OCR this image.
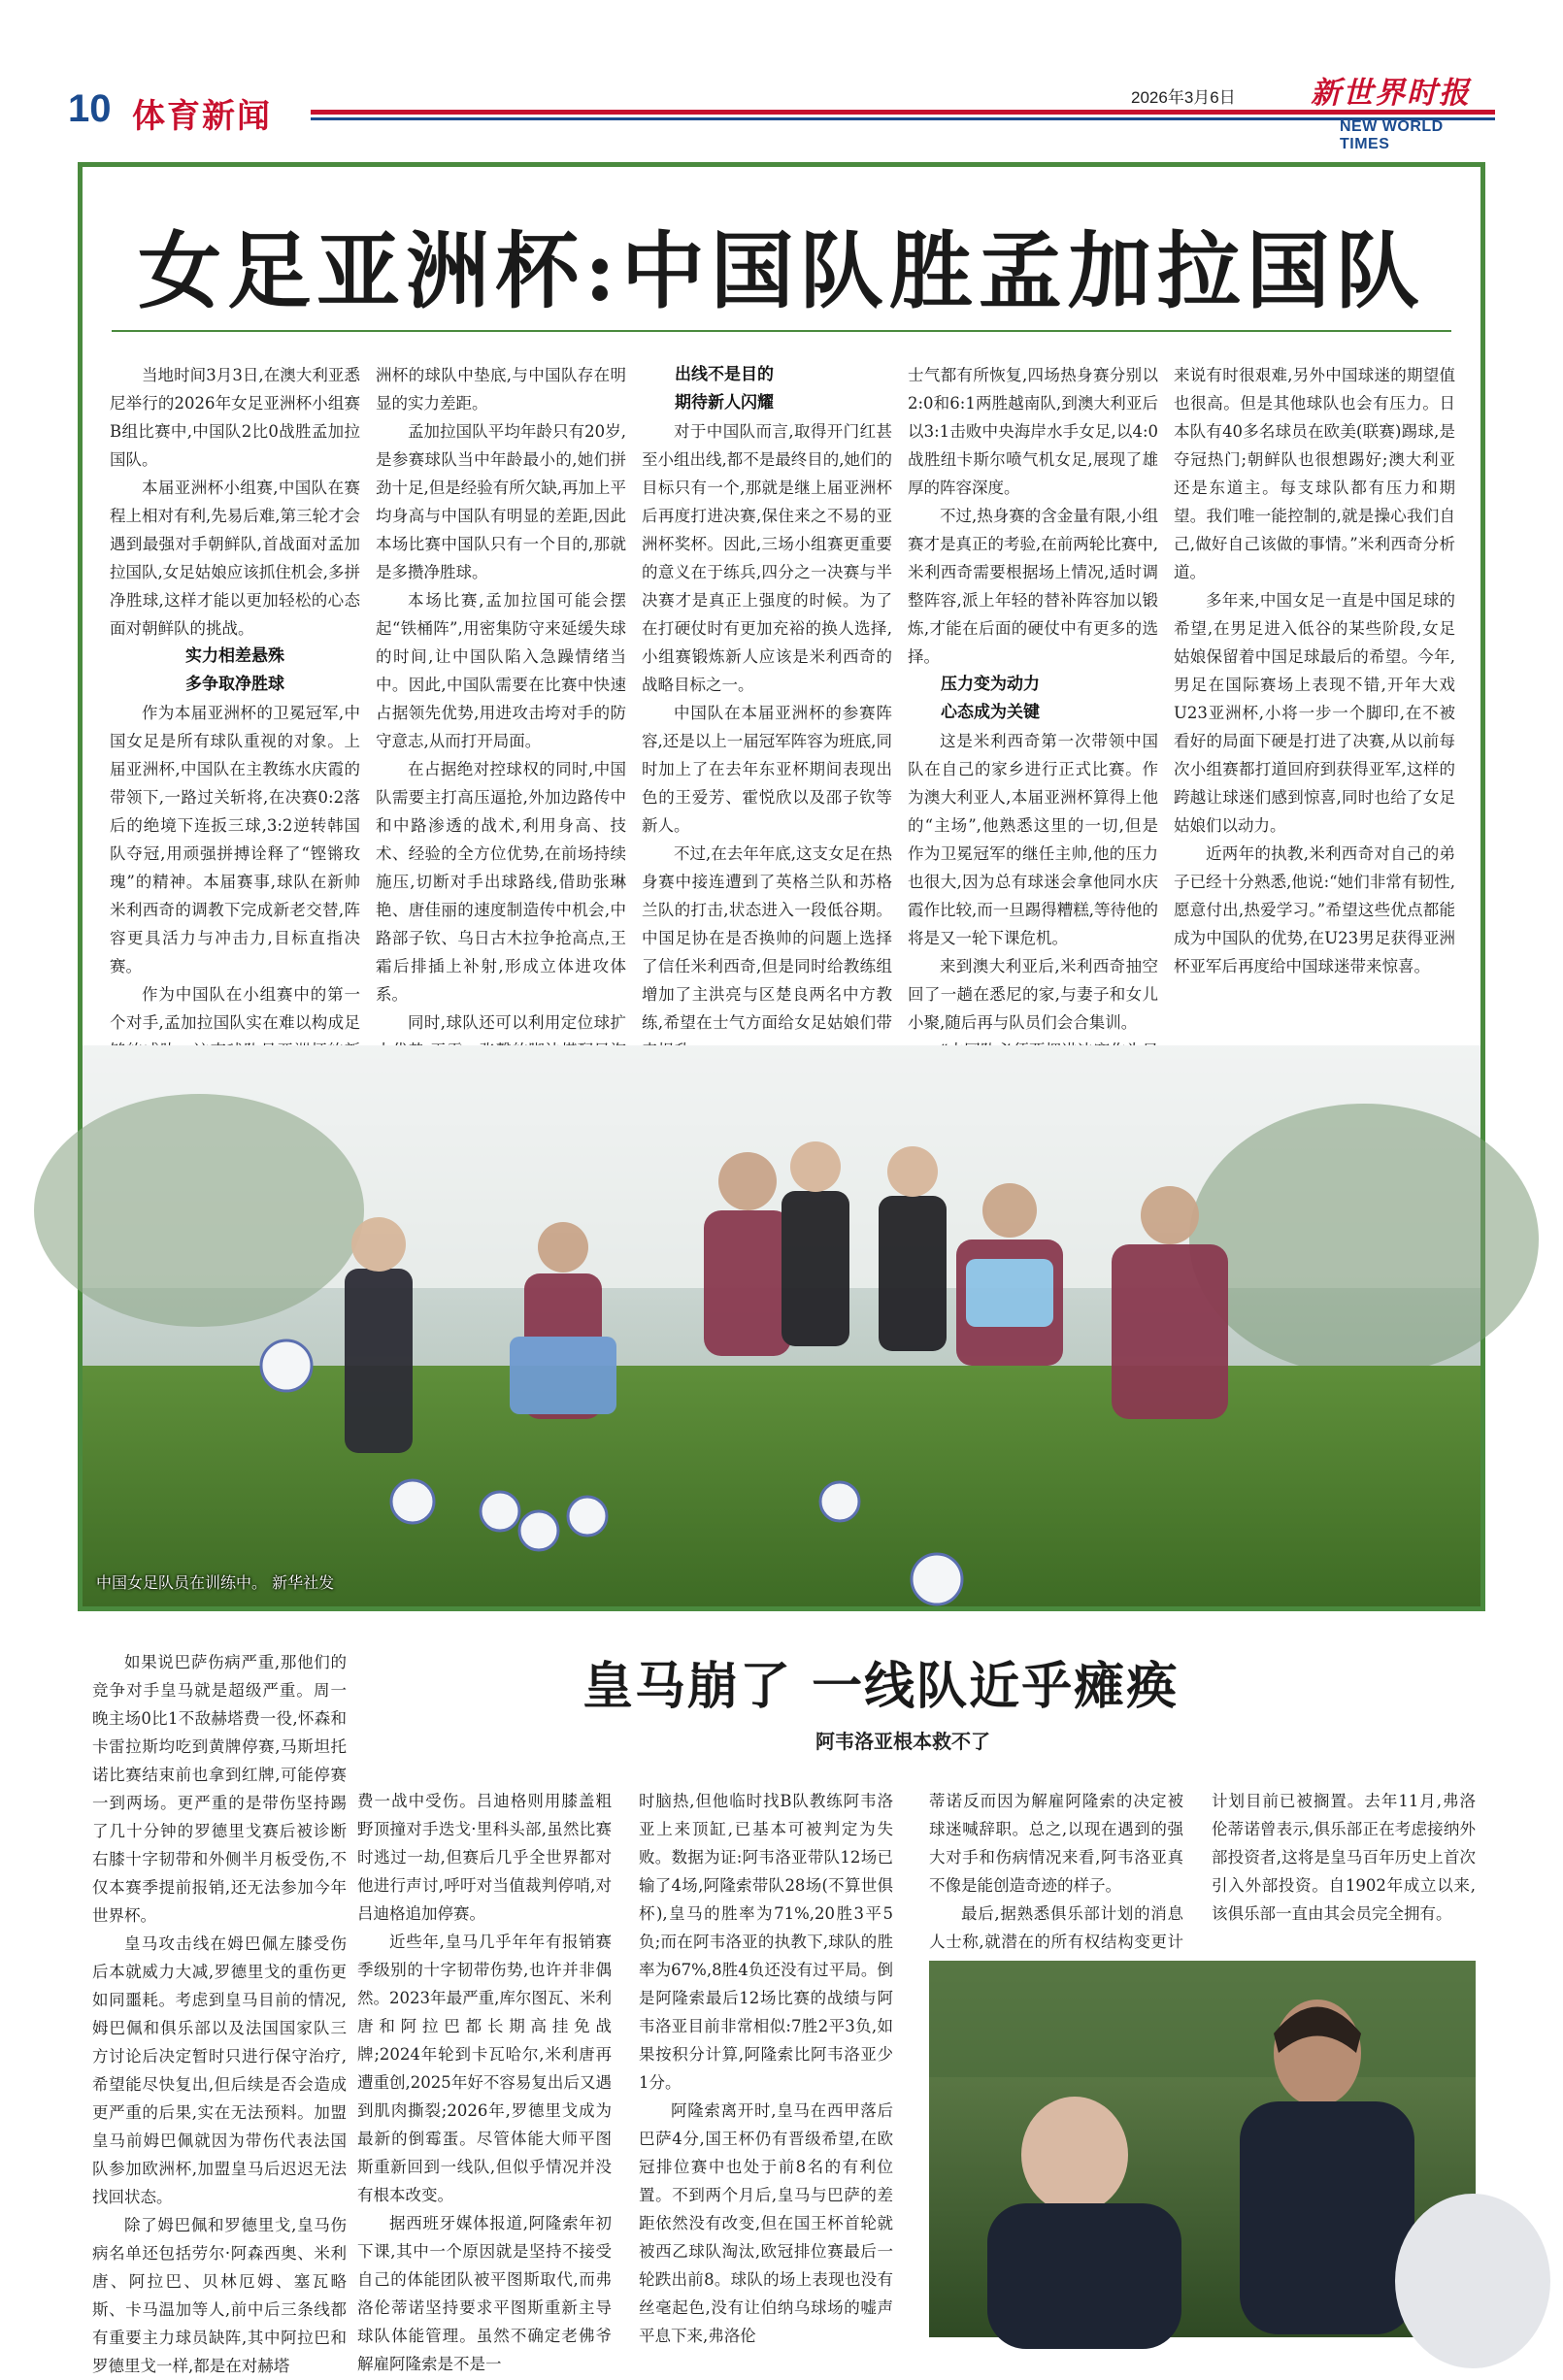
10 体育新闻	2026年3月6日 新世界时报
NEW WORLD TIMES
女足亚洲杯:中国队胜孟加拉国队

当地时间3月3日,在澳大利亚悉尼举行的2026年女足亚洲杯小组赛B组比赛中,中国队2比0战胜孟加拉国队。

本届亚洲杯小组赛,中国队在赛程上相对有利,先易后难,第三轮才会遇到最强对手朝鲜队,首战面对孟加拉国队,女足姑娘应该抓住机会,多拼净胜球,这样才能以更加轻松的心态面对朝鲜队的挑战。

实力相差悬殊
多争取净胜球

作为本届亚洲杯的卫冕冠军,中国女足是所有球队重视的对象。上届亚洲杯,中国队在主教练水庆霞的带领下,一路过关斩将,在决赛0:2落后的绝境下连扳三球,3:2逆转韩国队夺冠,用顽强拼搏诠释了“铿锵玫瑰”的精神。本届赛事,球队在新帅米利西奇的调教下完成新老交替,阵容更具活力与冲击力,目标直指决赛。

作为中国队在小组赛中的第一个对手,孟加拉国队实在难以构成足

洲杯的球队中垫底,与中国队存在明显的实力差距。

孟加拉国队平均年龄只有20岁,是参赛球队当中年龄最小的,她们拼劲十足,但是经验有所欠缺,再加上平均身高与中国队有明显的差距,因此本场比赛中国队只有一个目的,那就是多攒净胜球。

本场比赛,孟加拉国可能会摆起“铁桶阵”,用密集防守来延缓失球的时间,让中国队陷入急躁情绪当中。因此,中国队需要在比赛中快速占据领先优势,用进攻击垮对手的防守意志,从而打开局面。

在占据绝对控球权的同时,中国队需要主打高压逼抢,外加边路传中和中路渗透的战术,利用身高、技术、经验的全方位优势,在前场持续施压,切断对手出球路线,借助张琳艳、唐佳丽的速度制造传中机会,中路部子钦、乌日古木拉争抢高点,王霜后排插上补射,形成立体进攻体系。

同时,球队还可以利用定位球扩

出线不是目的
期待新人闪耀

对于中国队而言,取得开门红甚至小组出线,都不是最终目的,她们的目标只有一个,那就是继上届亚洲杯后再度打进决赛,保住来之不易的亚洲杯奖杯。因此,三场小组赛更重要的意义在于练兵,四分之一决赛与半决赛才是真正上强度的时候。为了在打硬仗时有更加充裕的换人选择,小组赛锻炼新人应该是米利西奇的战略目标之一。

中国队在本届亚洲杯的参赛阵容,还是以上一届冠军阵容为班底,同时加上了在去年东亚杯期间表现出色的王爱芳、霍悦欣以及邵子钦等新人。

不过,在去年年底,这支女足在热身赛中接连遭到了英格兰队和苏格兰队的打击,状态进入一段低谷期。中国足协在是否换帅的问题上选择了信任米利西奇,但是同时给教练组增加了主洪亮与区楚良两名中方教练,希望在士气方面给女足姑娘们带

士气都有所恢复,四场热身赛分别以2:0和6:1两胜越南队,到澳大利亚后以3:1击败中央海岸水手女足,以4:0战胜纽卡斯尔喷气机女足,展现了雄厚的阵容深度。

不过,热身赛的含金量有限,小组赛才是真正的考验,在前两轮比赛中,米利西奇需要根据场上情况,适时调整阵容,派上年轻的替补阵容加以锻炼,才能在后面的硬仗中有更多的选择。

压力变为动力
心态成为关键

这是米利西奇第一次带领中国队在自己的家乡进行正式比赛。作为澳大利亚人,本届亚洲杯算得上他的“主场”,他熟悉这里的一切,但是作为卫冕冠军的继任主帅,他的压力也很大,因为总有球迷会拿他同水庆霞作比较,而一旦踢得糟糕,等待他的将是又一轮下课危机。

来到澳大利亚后,米利西奇抽空回了一趟在悉尼的家,与妻子和女儿小聚,随后再与队员们会合集训。

来说有时很艰难,另外中国球迷的期望值也很高。但是其他球队也会有压力。日本队有40多名球员在欧美(联赛)踢球,是夺冠热门;朝鲜队也很想踢好;澳大利亚还是东道主。每支球队都有压力和期望。我们唯一能控制的,就是操心我们自己,做好自己该做的事情。”米利西奇分析道。

多年来,中国女足一直是中国足球的希望,在男足进入低谷的某些阶段,女足姑娘保留着中国足球最后的希望。今年,男足在国际赛场上表现不错,开年大戏U23亚洲杯,小将一步一个脚印,在不被看好的局面下硬是打进了决赛,从以前每次小组赛都打道回府到获得亚军,这样的跨越让球迷们感到惊喜,同时也给了女足姑娘们以动力。

近两年的执教,米利西奇对自己的弟子已经十分熟悉,他说:“她们非常有韧性,愿意付出,热爱学习。”希望这些优点都能成为中国队的优势,在U23男足获得亚洲杯亚军后再度给中国球迷带来惊喜。

中国女足队员在训练中。 新华社发
皇马崩了 一线队近乎瘫痪
阿韦洛亚根本救不了

如果说巴萨伤病严重,那他们的竞争对手皇马就是超级严重。周一晚主场0比1不敌赫塔费一役,怀森和卡雷拉斯均吃到黄牌停赛,马斯坦托诺比赛结束前也拿到红牌,可能停赛一到两场。更严重的是带伤坚持踢了几十分钟的罗德里戈赛后被诊断右膝十字韧带和外侧半月板受伤,不仅本赛季提前报销,还无法参加今年世界杯。

皇马攻击线在姆巴佩左膝受伤后本就威力大减,罗德里戈的重伤更如同噩耗。考虑到皇马目前的情况,姆巴佩和俱乐部以及法国国家队三方讨论后决定暂时只进行保守治疗,希望能尽快复出,但后续是否会造成更严重的后果,实在无法预料。加盟皇马前姆巴佩就因为带伤代表法国队参加欧洲杯,加盟皇马后迟迟无法找回状态。

除了姆巴佩和罗德里戈,皇马伤病名单还包括劳尔·阿森西奥、米利唐、阿拉巴、贝林厄姆、塞瓦略斯、卡马温加等人,前中后三条线都有重要主力球员缺阵,其中阿拉巴和罗德里戈一样,都是在对赫塔

费一战中受伤。吕迪格则用膝盖粗野顶撞对手迭戈·里科头部,虽然比赛时逃过一劫,但赛后几乎全世界都对他进行声讨,呼吁对当值裁判停哨,对吕迪格追加停赛。

近些年,皇马几乎年年有报销赛季级别的十字韧带伤势,也许并非偶然。2023年最严重,库尔图瓦、米利唐和阿拉巴都长期高挂免战牌;2024年轮到卡瓦哈尔,米利唐再遭重创,2025年好不容易复出后又遇到肌肉撕裂;2026年,罗德里戈成为最新的倒霉蛋。尽管体能大师平图斯重新回到一线队,但似乎情况并没有根本改变。

据西班牙媒体报道,阿隆索年初下课,其中一个原因就是坚持不接受自己的体能团队被平图斯取代,而弗洛伦蒂诺坚持要求平图斯重新主导球队体能管理。虽然不确定老佛爷解雇阿隆索是不是一

时脑热,但他临时找B队教练阿韦洛亚上来顶缸,已基本可被判定为失败。数据为证:阿韦洛亚带队12场已输了4场,阿隆索带队28场(不算世俱杯),皇马的胜率为71%,20胜3平5负;而在阿韦洛亚的执教下,球队的胜率为67%,8胜4负还没有过平局。倒是阿隆索最后12场比赛的战绩与阿韦洛亚目前非常相似:7胜2平3负,如果按积分计算,阿隆索比阿韦洛亚少1分。

阿隆索离开时,皇马在西甲落后巴萨4分,国王杯仍有晋级希望,在欧冠排位赛中也处于前8名的有利位置。不到两个月后,皇马与巴萨的差距依然没有改变,但在国王杯首轮就被西乙球队淘汰,欧冠排位赛最后一轮跌出前8。球队的场上表现也没有丝毫起色,没有让伯纳乌球场的嘘声平息下来,弗洛伦

蒂诺反而因为解雇阿隆索的决定被球迷喊辞职。总之,以现在遇到的强大对手和伤病情况来看,阿韦洛亚真不像是能创造奇迹的样子。

最后,据熟悉俱乐部计划的消息人士称,就潜在的所有权结构变更计

计划目前已被搁置。去年11月,弗洛伦蒂诺曾表示,俱乐部正在考虑接纳外部投资者,这将是皇马百年历史上首次引入外部投资。自1902年成立以来,该俱乐部一直由其会员完全拥有。
